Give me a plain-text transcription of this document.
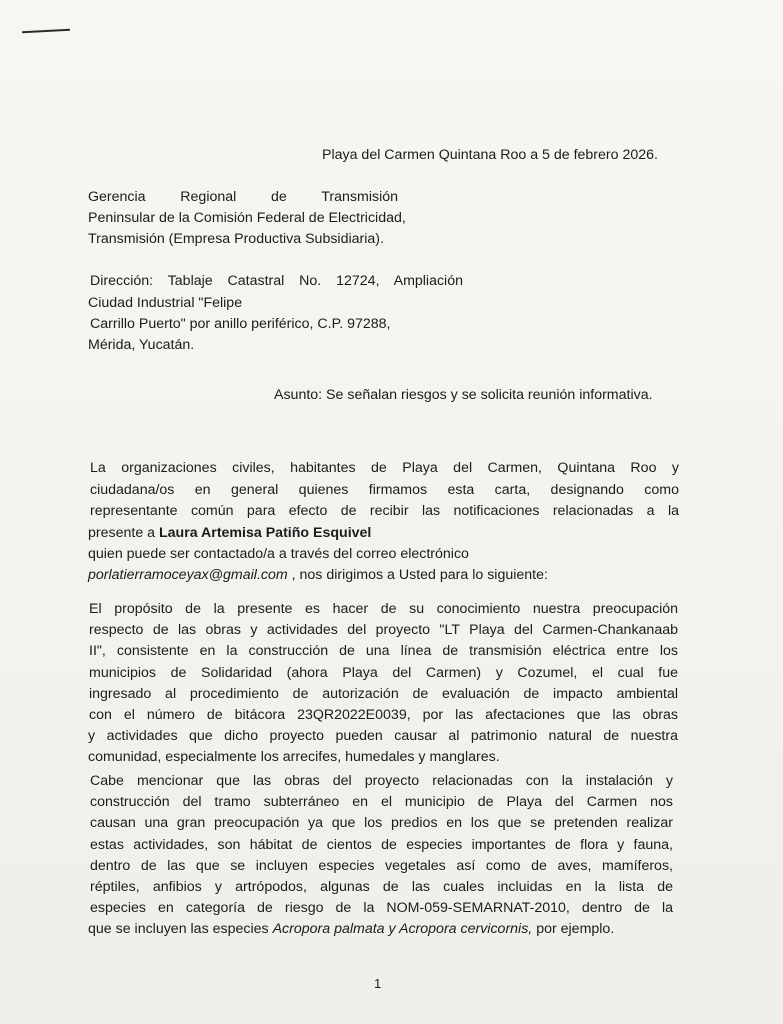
Playa del Carmen Quintana Roo a 5 de febrero 2026.
Gerencia Regional de Transmisión
Peninsular de la Comisión Federal de Electricidad,
Transmisión (Empresa Productiva Subsidiaria).
Dirección: Tablaje Catastral No. 12724, Ampliación
Ciudad Industrial "Felipe
Carrillo Puerto" por anillo periférico, C.P. 97288,
Mérida, Yucatán.
Asunto: Se señalan riesgos y se solicita reunión informativa.
La organizaciones civiles, habitantes de Playa del Carmen, Quintana Roo y
ciudadana/os en general quienes firmamos esta carta, designando como
representante común para efecto de recibir las notificaciones relacionadas a la
presente a Laura Artemisa Patiño Esquivel
quien puede ser contactado/a a través del correo electrónico
porlatierramoceyax@gmail.com , nos dirigimos a Usted para lo siguiente:
El propósito de la presente es hacer de su conocimiento nuestra preocupación
respecto de las obras y actividades del proyecto "LT Playa del Carmen-Chankanaab
II", consistente en la construcción de una línea de transmisión eléctrica entre los
municipios de Solidaridad (ahora Playa del Carmen) y Cozumel, el cual fue
ingresado al procedimiento de autorización de evaluación de impacto ambiental
con el número de bitácora 23QR2022E0039, por las afectaciones que las obras
y actividades que dicho proyecto pueden causar al patrimonio natural de nuestra
comunidad, especialmente los arrecifes, humedales y manglares.
Cabe mencionar que las obras del proyecto relacionadas con la instalación y
construcción del tramo subterráneo en el municipio de Playa del Carmen nos
causan una gran preocupación ya que los predios en los que se pretenden realizar
estas actividades, son hábitat de cientos de especies importantes de flora y fauna,
dentro de las que se incluyen especies vegetales así como de aves, mamíferos,
réptiles, anfibios y artrópodos, algunas de las cuales incluidas en la lista de
especies en categoría de riesgo de la NOM-059-SEMARNAT-2010, dentro de la
que se incluyen las especies Acropora palmata y Acropora cervicornis, por ejemplo.
1
